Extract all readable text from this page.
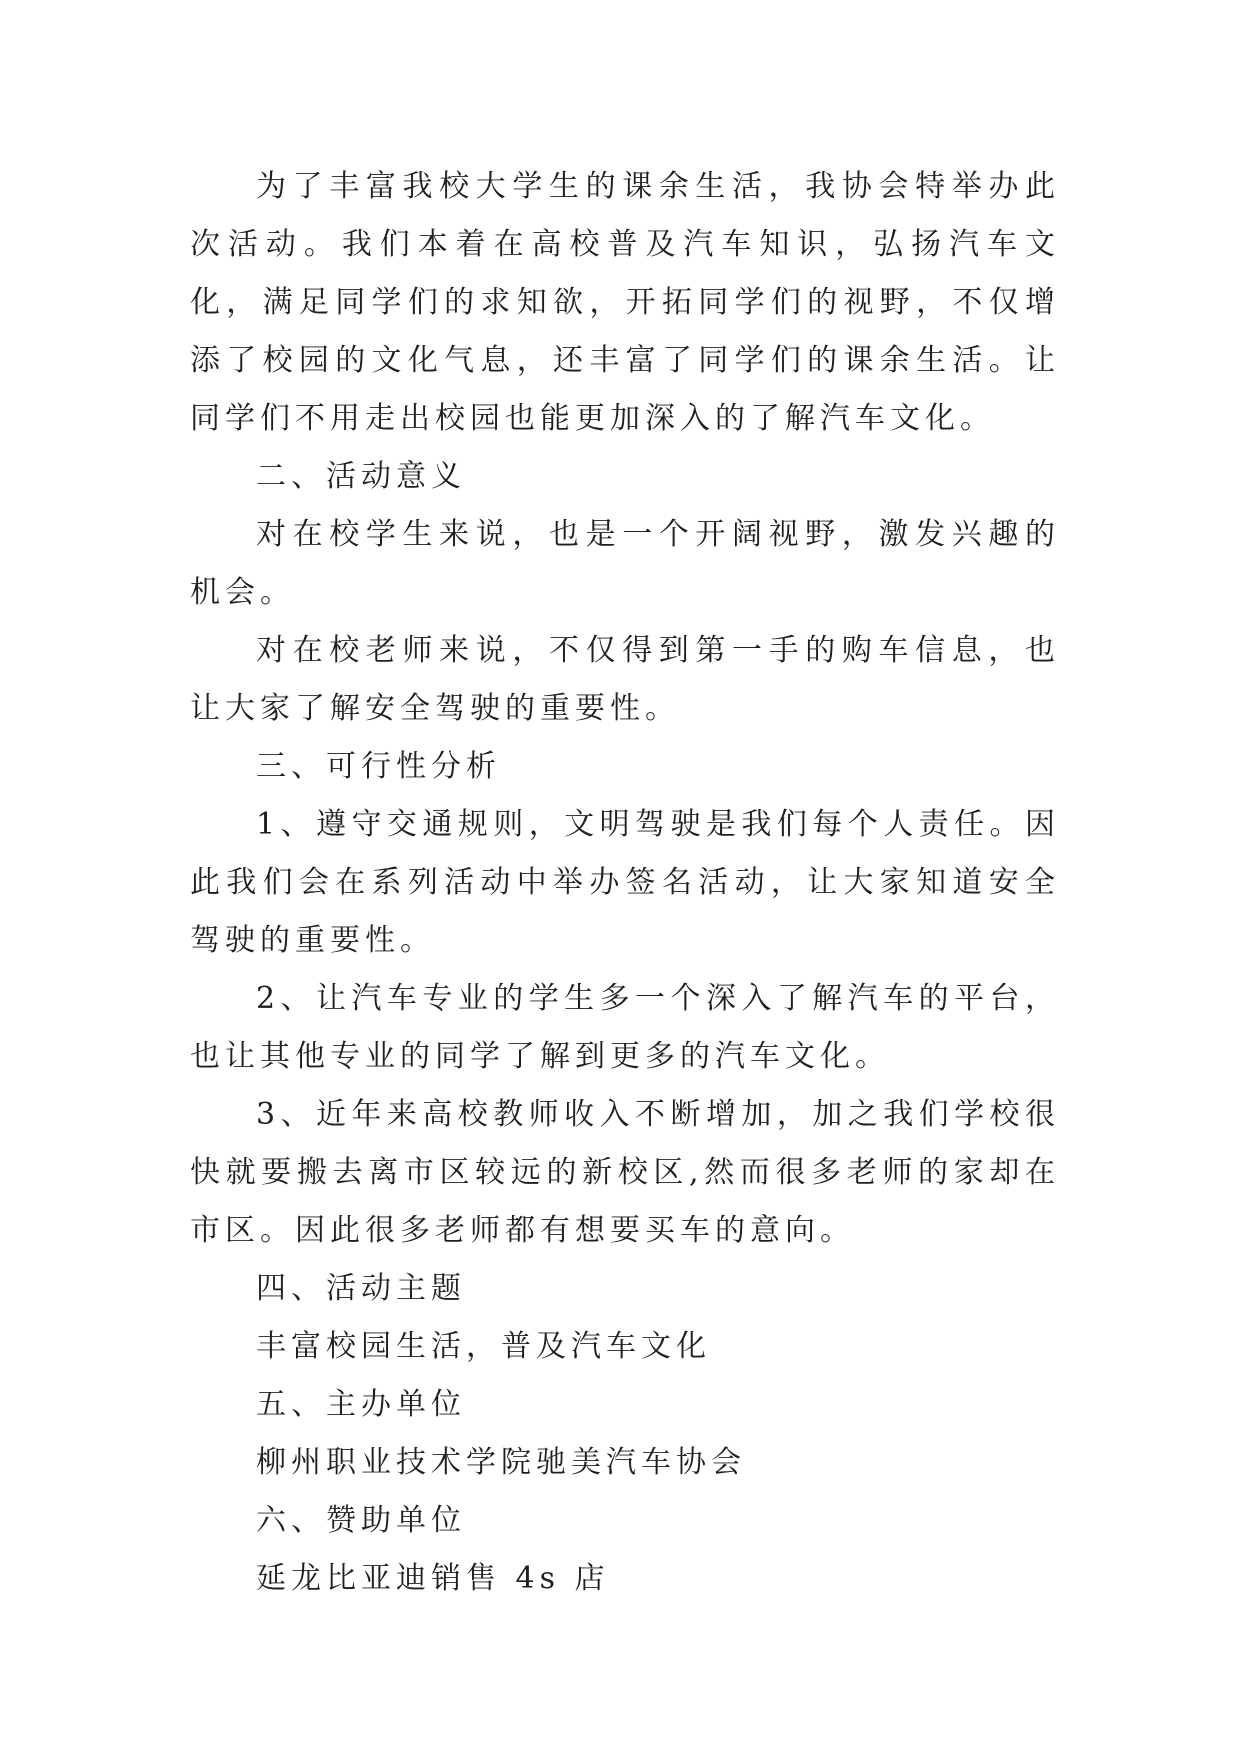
为了丰富我校大学生的课余生活，我协会特举办此次活动。我们本着在高校普及汽车知识，弘扬汽车文化，满足同学们的求知欲，开拓同学们的视野，不仅增添了校园的文化气息，还丰富了同学们的课余生活。让同学们不用走出校园也能更加深入的了解汽车文化。

二、活动意义

对在校学生来说，也是一个开阔视野，激发兴趣的机会。

对在校老师来说，不仅得到第一手的购车信息，也让大家了解安全驾驶的重要性。

三、可行性分析

1、遵守交通规则，文明驾驶是我们每个人责任。因此我们会在系列活动中举办签名活动，让大家知道安全驾驶的重要性。

2、让汽车专业的学生多一个深入了解汽车的平台，也让其他专业的同学了解到更多的汽车文化。

3、近年来高校教师收入不断增加，加之我们学校很快就要搬去离市区较远的新校区,然而很多老师的家却在市区。因此很多老师都有想要买车的意向。

四、活动主题

丰富校园生活，普及汽车文化

五、主办单位

柳州职业技术学院驰美汽车协会

六、赞助单位

延龙比亚迪销售 4s 店
